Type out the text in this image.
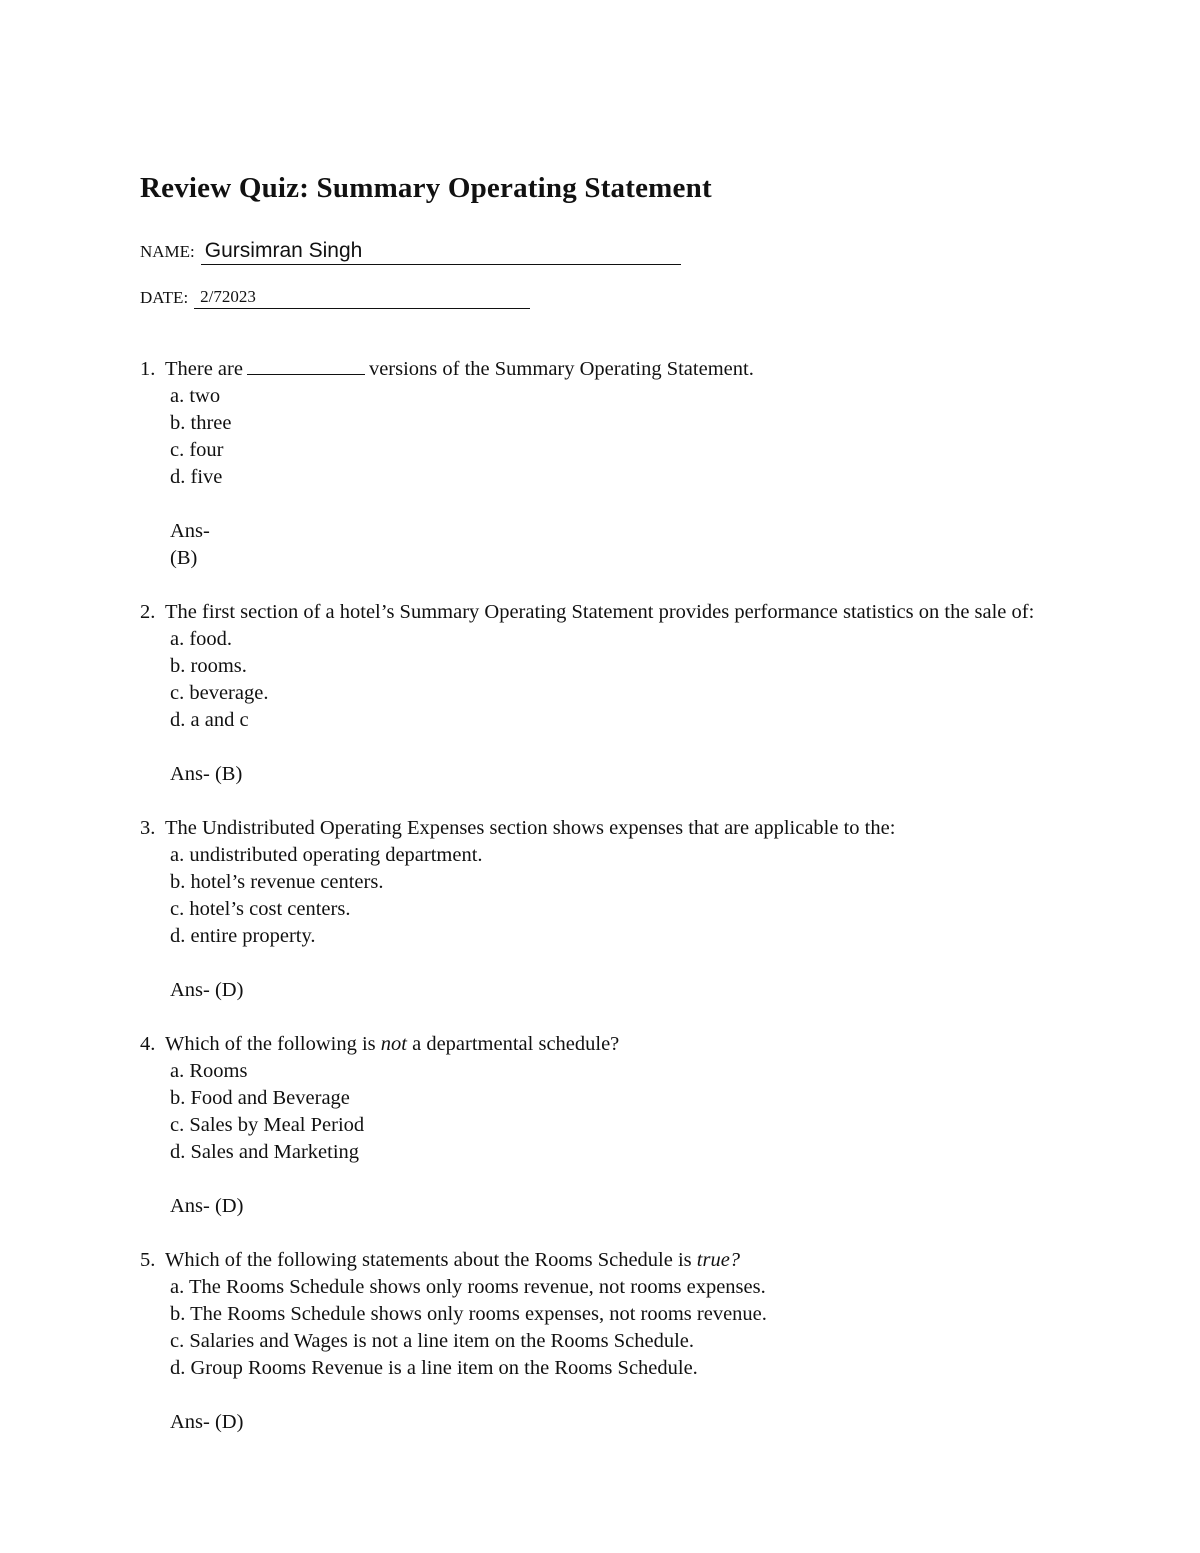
Review Quiz: Summary Operating Statement
NAME: Gursimran Singh
DATE: 2/72023
1. There are	versions of the Summary Operating Statement.
a. two
b. three
c. four
d. five
Ans-
(B)
2. The first section of a hotel’s Summary Operating Statement provides performance statistics on the sale of:
a. food.
b. rooms.
c. beverage.
d. a and c
Ans- (B)
3. The Undistributed Operating Expenses section shows expenses that are applicable to the:
a. undistributed operating department.
b. hotel’s revenue centers.
c. hotel’s cost centers.
d. entire property.
Ans- (D)
4. Which of the following is not a departmental schedule?
a. Rooms
b. Food and Beverage
c. Sales by Meal Period
d. Sales and Marketing
Ans- (D)
5. Which of the following statements about the Rooms Schedule is true?
a. The Rooms Schedule shows only rooms revenue, not rooms expenses.
b. The Rooms Schedule shows only rooms expenses, not rooms revenue.
c. Salaries and Wages is not a line item on the Rooms Schedule.
d. Group Rooms Revenue is a line item on the Rooms Schedule.
Ans- (D)
